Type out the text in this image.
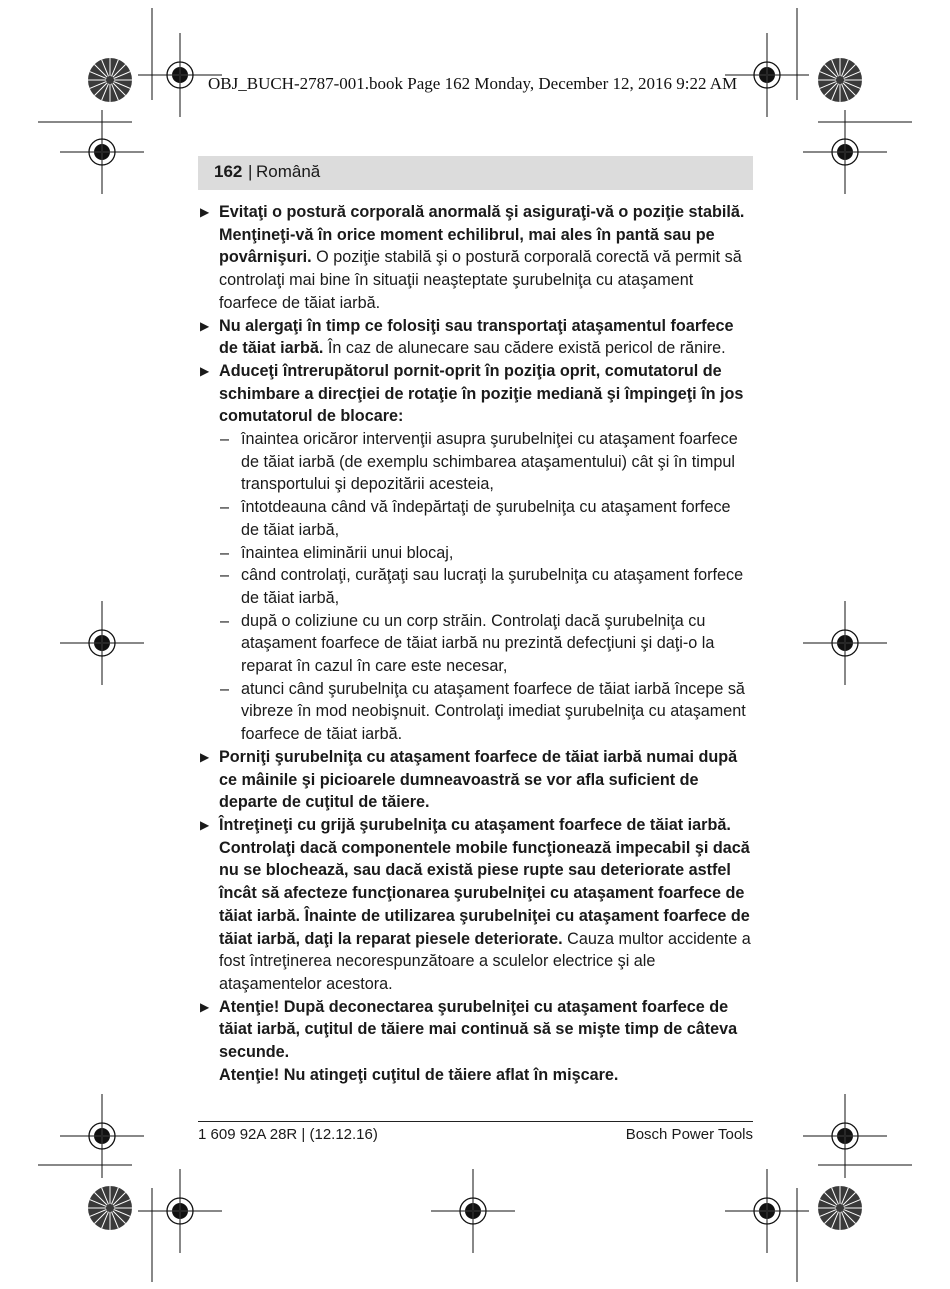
OBJ_BUCH-2787-001.book Page 162 Monday, December 12, 2016 9:22 AM
162 | Română
▶ Evitaţi o postură corporală anormală şi asiguraţi-vă o poziţie stabilă. Menţineţi-vă în orice moment echilibrul, mai ales în pantă sau pe povârnişuri. O poziţie stabilă şi o postură corporală corectă vă permit să controlaţi mai bine în situaţii neaşteptate şurubelniţa cu ataşament foarfece de tăiat iarbă.
▶ Nu alergaţi în timp ce folosiţi sau transportaţi ataşamentul foarfece de tăiat iarbă. În caz de alunecare sau cădere există pericol de rănire.
▶ Aduceţi întrerupătorul pornit-oprit în poziţia oprit, comutatorul de schimbare a direcţiei de rotaţie în poziţie mediană şi împingeţi în jos comutatorul de blocare:
– înaintea oricăror intervenţii asupra şurubelniţei cu ataşament foarfece de tăiat iarbă (de exemplu schimbarea ataşamentului) cât şi în timpul transportului şi depozitării acesteia,
– întotdeauna când vă îndepărtaţi de şurubelniţa cu ataşament forfece de tăiat iarbă,
– înaintea eliminării unui blocaj,
– când controlaţi, curăţaţi sau lucraţi la şurubelniţa cu ataşament forfece de tăiat iarbă,
– după o coliziune cu un corp străin. Controlaţi dacă şurubelniţa cu ataşament foarfece de tăiat iarbă nu prezintă defecţiuni şi daţi-o la reparat în cazul în care este necesar,
– atunci când şurubelniţa cu ataşament foarfece de tăiat iarbă începe să vibreze în mod neobişnuit. Controlaţi imediat şurubelniţa cu ataşament foarfece de tăiat iarbă.
▶ Porniţi şurubelniţa cu ataşament foarfece de tăiat iarbă numai după ce mâinile şi picioarele dumneavoastră se vor afla suficient de departe de cuţitul de tăiere.
▶ Întreţineţi cu grijă şurubelniţa cu ataşament foarfece de tăiat iarbă. Controlaţi dacă componentele mobile funcţionează impecabil şi dacă nu se blochează, sau dacă există piese rupte sau deteriorate astfel încât să afecteze funcţionarea şurubelniţei cu ataşament foarfece de tăiat iarbă. Înainte de utilizarea şurubelniţei cu ataşament foarfece de tăiat iarbă, daţi la reparat piesele deteriorate. Cauza multor accidente a fost întreţinerea necorespunzătoare a sculelor electrice şi ale ataşamentelor acestora.
▶ Atenţie! După deconectarea şurubelniţei cu ataşament foarfece de tăiat iarbă, cuţitul de tăiere mai continuă să se mişte timp de câteva secunde.
Atenţie! Nu atingeţi cuţitul de tăiere aflat în mişcare.
1 609 92A 28R | (12.12.16)	Bosch Power Tools
